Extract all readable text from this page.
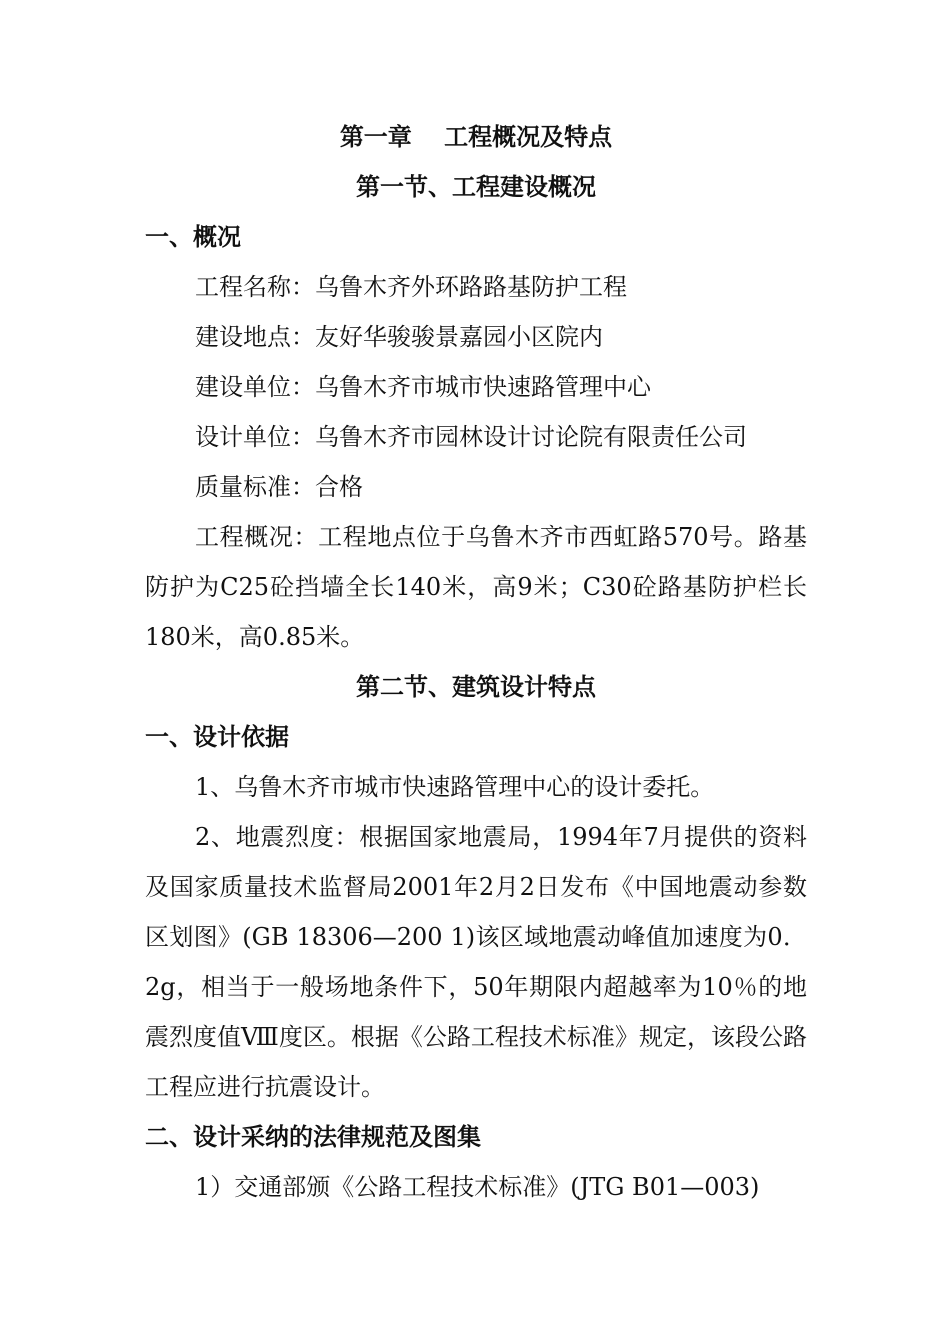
第一章　 工程概况及特点
第一节、工程建设概况
一、概况
工程名称：乌鲁木齐外环路路基防护工程
建设地点：友好华骏骏景嘉园小区院内
建设单位：乌鲁木齐市城市快速路管理中心
设计单位：乌鲁木齐市园林设计讨论院有限责任公司
质量标准：合格

工程概况：工程地点位于乌鲁木齐市西虹路570号。路基防护为C25砼挡墙全长140米，高9米；C30砼路基防护栏长180米，高0.85米。

第二节、建筑设计特点
一、设计依据

1、乌鲁木齐市城市快速路管理中心的设计委托。

2、地震烈度：根据国家地震局，1994年7月提供的资料及国家质量技术监督局2001年2月2日发布《中国地震动参数区划图》(GB 18306—200 1)该区域地震动峰值加速度为0．2g，相当于一般场地条件下，50年期限内超越率为10％的地震烈度值Ⅷ度区。根据《公路工程技术标准》规定，该段公路工程应进行抗震设计。

二、设计采纳的法律规范及图集

1）交通部颁《公路工程技术标准》(JTG B01—003)
